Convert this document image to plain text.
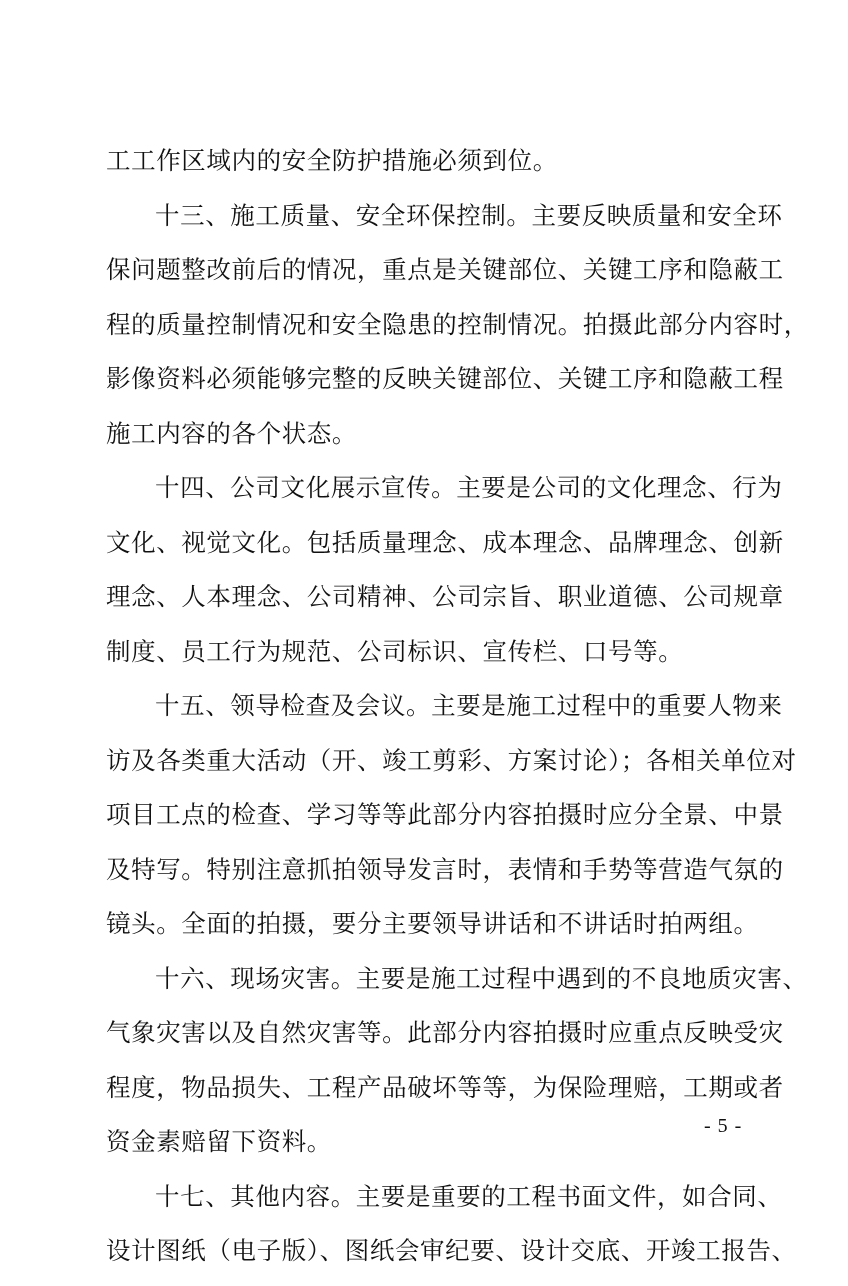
工工作区域内的安全防护措施必须到位。
十三、施工质量、安全环保控制。主要反映质量和安全环
保问题整改前后的情况，重点是关键部位、关键工序和隐蔽工
程的质量控制情况和安全隐患的控制情况。拍摄此部分内容时，
影像资料必须能够完整的反映关键部位、关键工序和隐蔽工程
施工内容的各个状态。
十四、公司文化展示宣传。主要是公司的文化理念、行为
文化、视觉文化。包括质量理念、成本理念、品牌理念、创新
理念、人本理念、公司精神、公司宗旨、职业道德、公司规章
制度、员工行为规范、公司标识、宣传栏、口号等。
十五、领导检查及会议。主要是施工过程中的重要人物来
访及各类重大活动（开、竣工剪彩、方案讨论）；各相关单位对
项目工点的检查、学习等等此部分内容拍摄时应分全景、中景
及特写。特别注意抓拍领导发言时，表情和手势等营造气氛的
镜头。全面的拍摄，要分主要领导讲话和不讲话时拍两组。
十六、现场灾害。主要是施工过程中遇到的不良地质灾害、
气象灾害以及自然灾害等。此部分内容拍摄时应重点反映受灾
程度，物品损失、工程产品破坏等等，为保险理赔，工期或者
资金素赔留下资料。
十七、其他内容。主要是重要的工程书面文件，如合同、
设计图纸（电子版）、图纸会审纪要、设计交底、开竣工报告、
- 5 -
